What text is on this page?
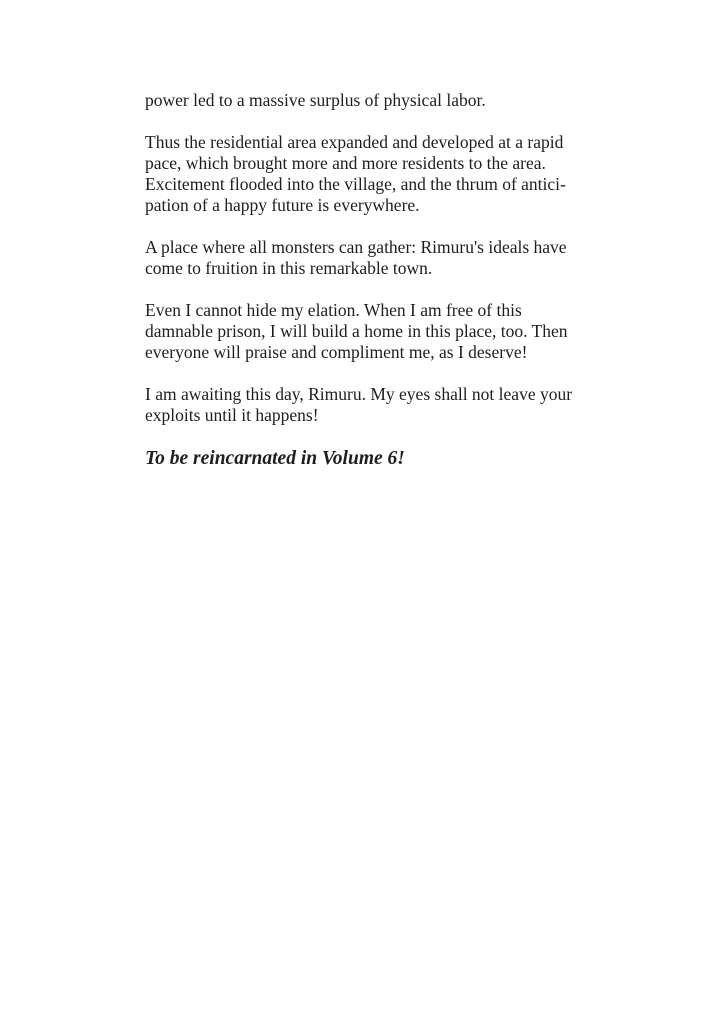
power led to a massive surplus of physical labor.

Thus the residential area expanded and developed at a rapid
pace, which brought more and more residents to the area.
Excitement flooded into the village, and the thrum of antici-
pation of a happy future is everywhere.

A place where all monsters can gather: Rimuru's ideals have
come to fruition in this remarkable town.

Even I cannot hide my elation. When I am free of this
damnable prison, I will build a home in this place, too. Then
everyone will praise and compliment me, as I deserve!

I am awaiting this day, Rimuru. My eyes shall not leave your
exploits until it happens!

To be reincarnated in Volume 6!
